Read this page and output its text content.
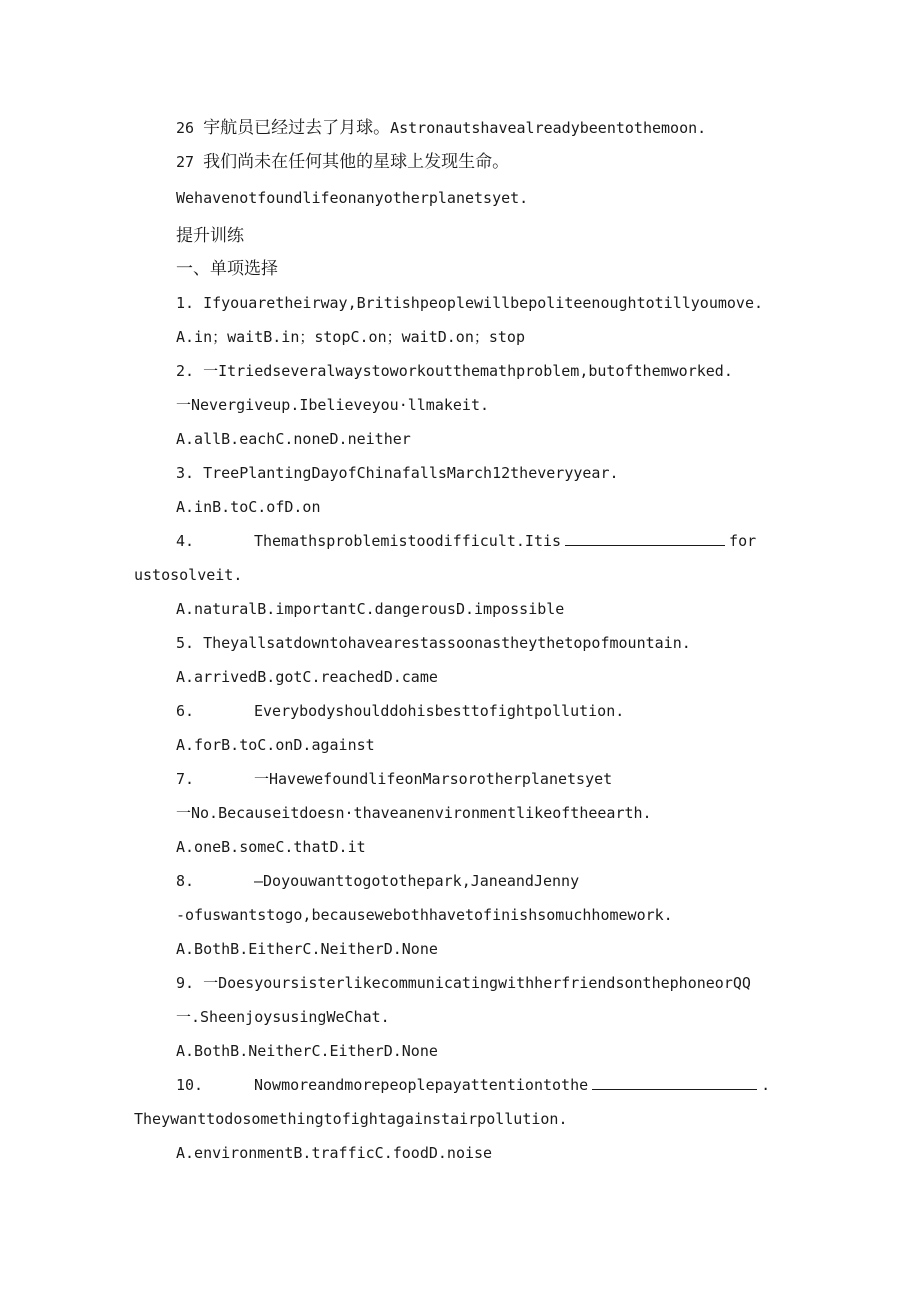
26 宇航员已经过去了月球。Astronautshavealreadybeentothemoon.
27 我们尚未在任何其他的星球上发现生命。
Wehavenotfoundlifeonanyotherplanetsyet.
提升训练
一、单项选择
1. Ifyouaretheirway,Britishpeoplewillbepoliteenoughtotillyoumove.
A.in；waitB.in；stopC.on；waitD.on；stop
2. 一Itriedseveralwaystoworkoutthemathproblem,butofthemworked.
一Nevergiveup.Ibelieveyou·llmakeit.
A.allB.eachC.noneD.neither
3. TreePlantingDayofChinafallsMarch12theveryyear.
A.inB.toC.ofD.on
4.	Themathsproblemistoodifficult.Itis	for
ustosolveit.
A.naturalB.importantC.dangerousD.impossible
5. Theyallsatdowntohavearestassoonastheythetopofmountain.
A.arrivedB.gotC.reachedD.came
6.	Everybodyshoulddohisbesttofightpollution.
A.forB.toC.onD.against
7.	一HavewefoundlifeonMarsorotherplanetsyet
一No.Becauseitdoesn·thaveanenvironmentlikeoftheearth.
A.oneB.someC.thatD.it
8.	—Doyouwanttogotothepark,JaneandJenny
-ofuswantstogo,becausewebothhavetofinishsomuchhomework.
A.BothB.EitherC.NeitherD.None
9. 一DoesyoursisterlikecommunicatingwithherfriendsonthephoneorQQ
一.SheenjoysusingWeChat.
A.BothB.NeitherC.EitherD.None
10.	Nowmoreandmorepeoplepayattentiontothe	.
Theywanttodosomethingtofightagainstairpollution.
A.environmentB.trafficC.foodD.noise
